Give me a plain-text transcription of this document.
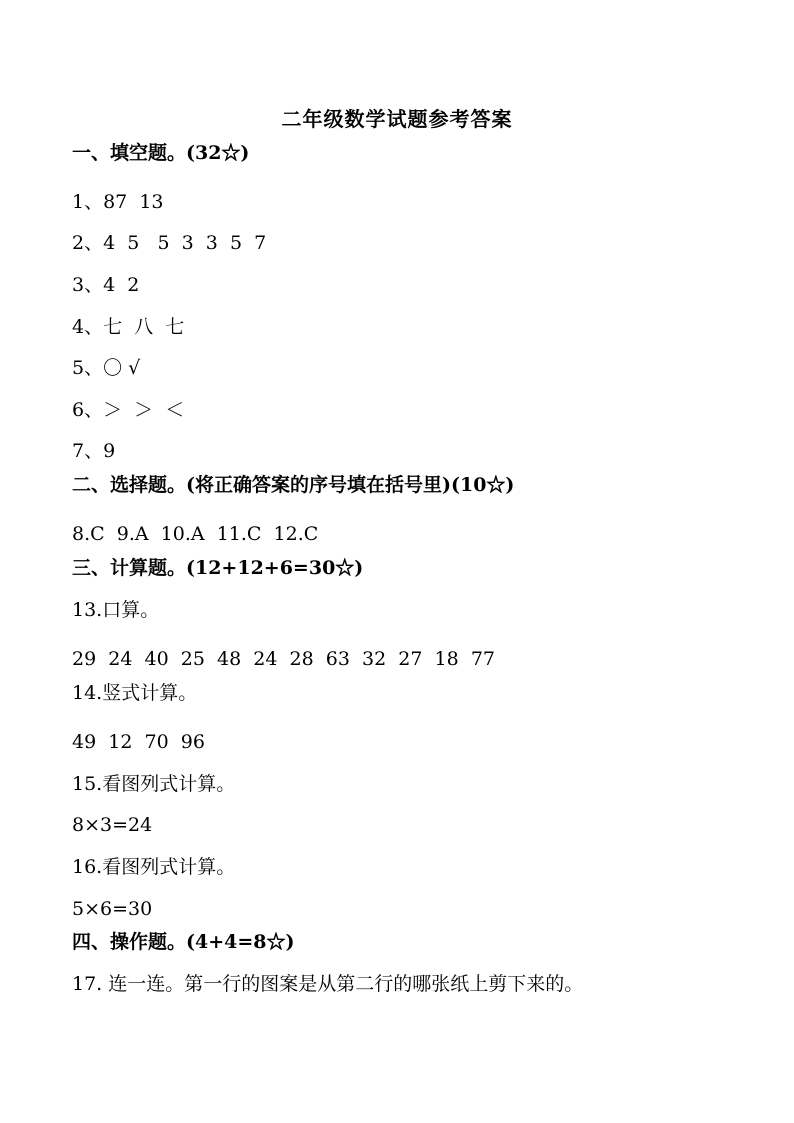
二年级数学试题参考答案
一、填空题。(32☆)
1、87  13
2、4  5   5  3  3  5  7
3、4  2
4、七  八  七
5、〇 √
6、＞  ＞  ＜
7、9
二、选择题。(将正确答案的序号填在括号里)(10☆)
8.C  9.A  10.A  11.C  12.C
三、计算题。(12+12+6=30☆)
13.口算。
29  24  40  25  48  24  28  63  32  27  18  77
14.竖式计算。
49  12  70  96
15.看图列式计算。
8×3=24
16.看图列式计算。
5×6=30
四、操作题。(4+4=8☆)
17. 连一连。第一行的图案是从第二行的哪张纸上剪下来的。
